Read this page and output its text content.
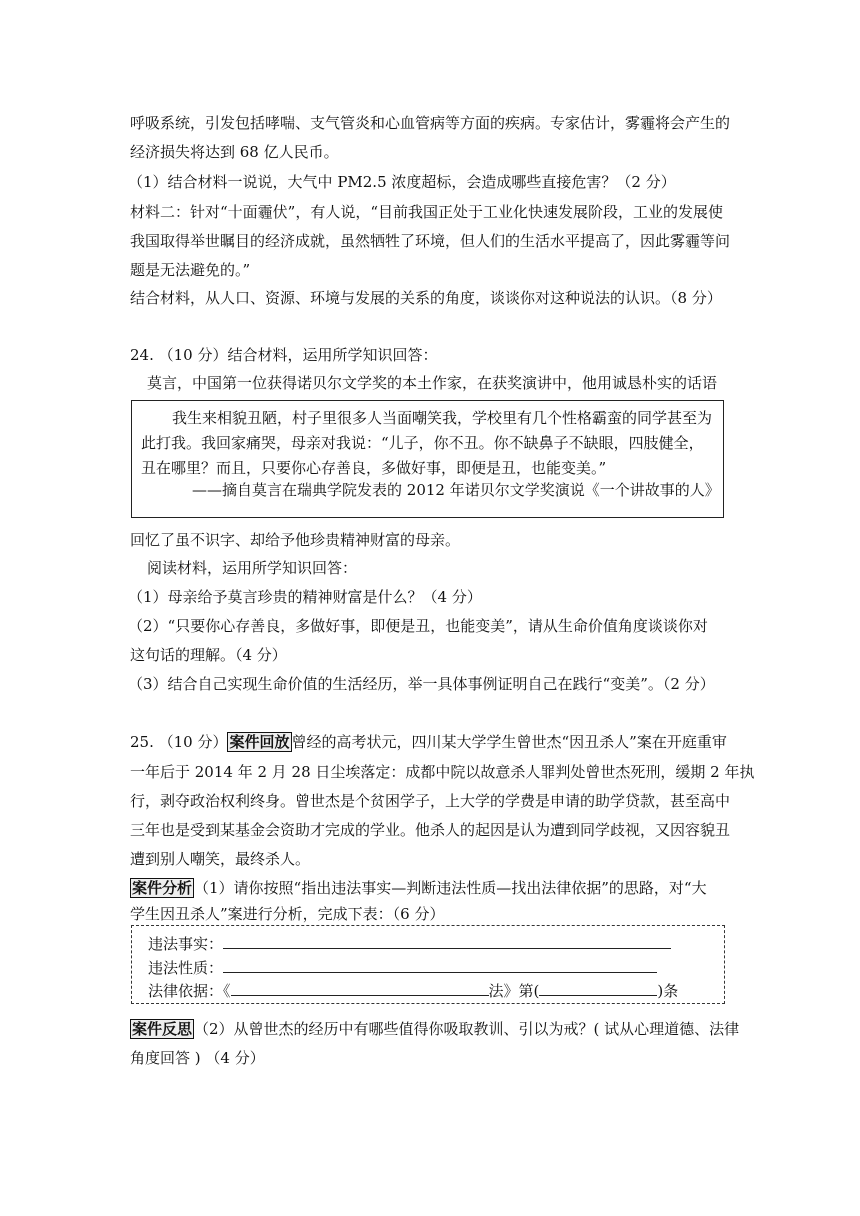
呼吸系统，引发包括哮喘、支气管炎和心血管病等方面的疾病。专家估计，雾霾将会产生的
经济损失将达到 68 亿人民币。
（1）结合材料一说说，大气中 PM2.5 浓度超标，会造成哪些直接危害？（2 分）
材料二：针对“十面霾伏”，有人说，“目前我国正处于工业化快速发展阶段，工业的发展使
我国取得举世瞩目的经济成就，虽然牺牲了环境，但人们的生活水平提高了，因此雾霾等问
题是无法避免的。”
结合材料，从人口、资源、环境与发展的关系的角度，谈谈你对这种说法的认识。（8 分）
24. （10 分）结合材料，运用所学知识回答：
莫言，中国第一位获得诺贝尔文学奖的本土作家，在获奖演讲中，他用诚恳朴实的话语
我生来相貌丑陋，村子里很多人当面嘲笑我，学校里有几个性格霸蛮的同学甚至为
此打我。我回家痛哭，母亲对我说：“儿子，你不丑。你不缺鼻子不缺眼，四肢健全，
丑在哪里？而且，只要你心存善良，多做好事，即便是丑，也能变美。”
——摘自莫言在瑞典学院发表的 2012 年诺贝尔文学奖演说《一个讲故事的人》
回忆了虽不识字、却给予他珍贵精神财富的母亲。
阅读材料，运用所学知识回答：
（1）母亲给予莫言珍贵的精神财富是什么？（4 分）
（2）“只要你心存善良，多做好事，即便是丑，也能变美”，请从生命价值角度谈谈你对
这句话的理解。（4 分）
（3）结合自己实现生命价值的生活经历，举一具体事例证明自己在践行“变美”。（2 分）
25. （10 分） 案件回放 曾经的高考状元，四川某大学学生曾世杰“因丑杀人”案在开庭重审
一年后于 2014 年 2 月 28 日尘埃落定：成都中院以故意杀人罪判处曾世杰死刑，缓期 2 年执
行，剥夺政治权利终身。曾世杰是个贫困学子，上大学的学费是申请的助学贷款，甚至高中
三年也是受到某基金会资助才完成的学业。他杀人的起因是认为遭到同学歧视，又因容貌丑
遭到别人嘲笑，最终杀人。
案件分析 （1）请你按照“指出违法事实—判断违法性质—找出法律依据”的思路，对“大
学生因丑杀人”案进行分析，完成下表：（6 分）
违法事实：
违法性质：
法律依据：《	法》第(	)条
案件反思 （2）从曾世杰的经历中有哪些值得你吸取教训、引以为戒？( 试从心理道德、法律
角度回答 ) （4 分）
